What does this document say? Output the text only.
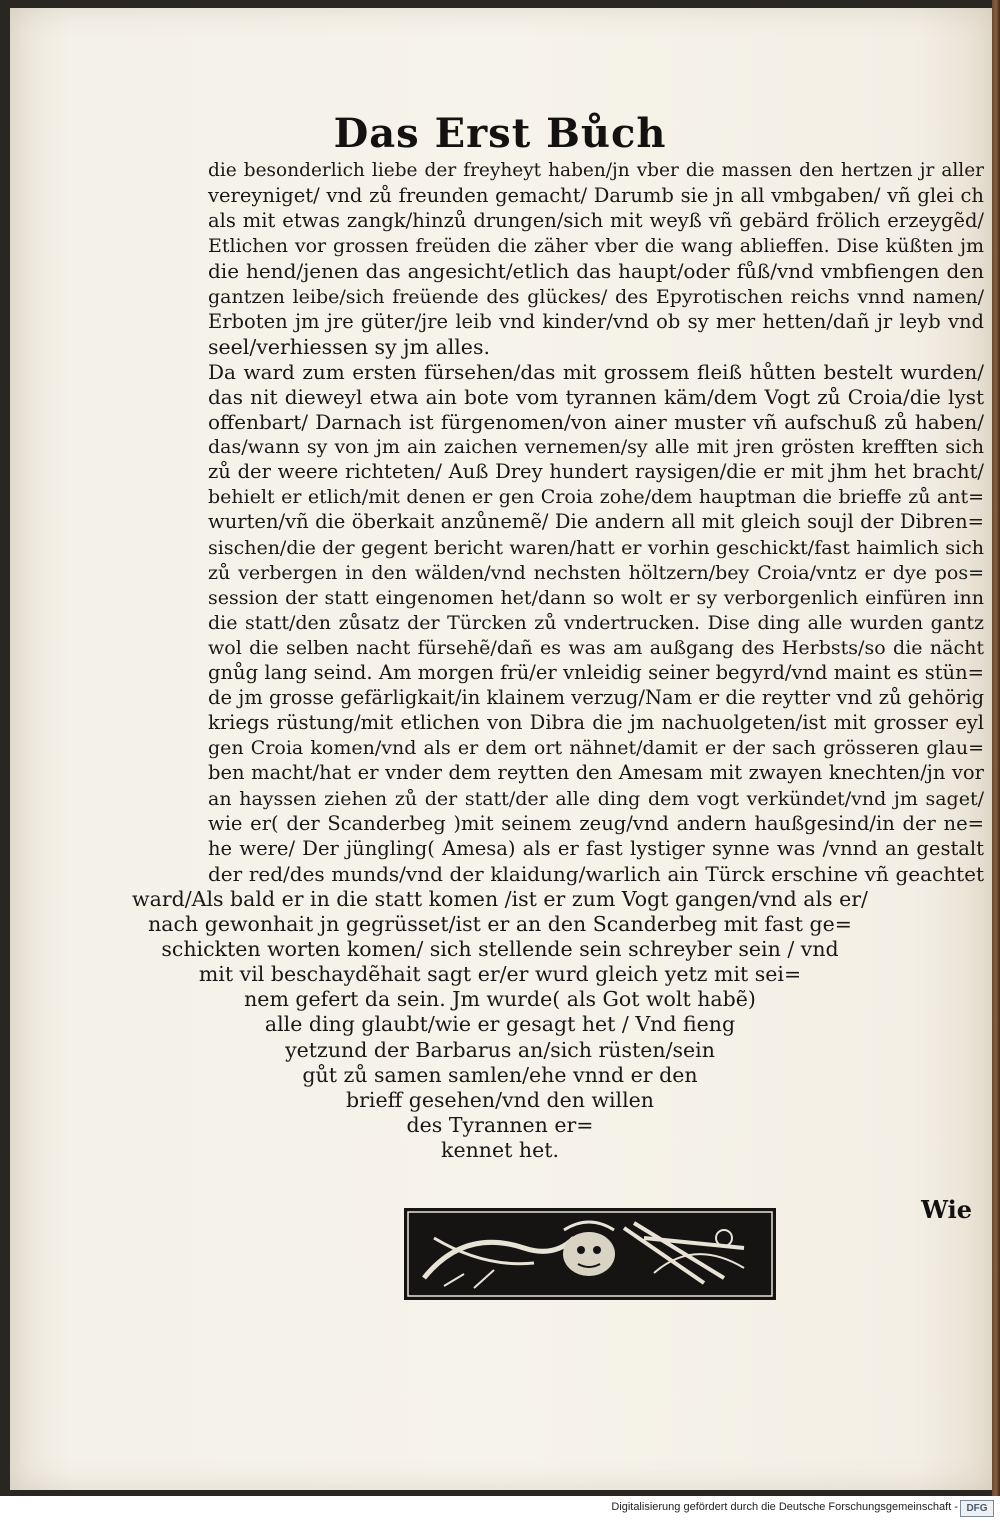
Das Erst Bůch
die besonderlich liebe der freyheyt haben/jn vber die massen den hertzen jr aller
vereyniget/ vnd zů freunden gemacht/ Darumb sie jn all vmbgaben/ vñ glei ch
als mit etwas zangk/hinzů drungen/sich mit weyß vñ gebärd frölich erzeygẽd/
Etlichen vor grossen freüden die zäher vber die wang ablieffen. Dise küßten jm
die hend/jenen das angesicht/etlich das haupt/oder fůß/vnd vmbfiengen den
gantzen leibe/sich freüende des glückes/ des Epyrotischen reichs vnnd namen/
Erboten jm jre güter/jre leib vnd kinder/vnd ob sy mer hetten/dañ jr leyb vnd
seel/verhiessen sy jm alles.
Da ward zum ersten fürsehen/das mit grossem fleiß hůtten bestelt wurden/
das nit dieweyl etwa ain bote vom tyrannen käm/dem Vogt zů Croia/die lyst
offenbart/ Darnach ist fürgenomen/von ainer muster vñ aufschuß zů haben/
das/wann sy von jm ain zaichen vernemen/sy alle mit jren grösten krefften sich
zů der weere richteten/ Auß Drey hundert raysigen/die er mit jhm het bracht/
behielt er etlich/mit denen er gen Croia zohe/dem hauptman die brieffe zů ant=
wurten/vñ die öberkait anzůnemẽ/ Die andern all mit gleich soujl der Dibren=
sischen/die der gegent bericht waren/hatt er vorhin geschickt/fast haimlich sich
zů verbergen in den wälden/vnd nechsten höltzern/bey Croia/vntz er dye pos=
session der statt eingenomen het/dann so wolt er sy verborgenlich einfüren inn
die statt/den zůsatz der Türcken zů vndertrucken. Dise ding alle wurden gantz
wol die selben nacht fürsehẽ/dañ es was am außgang des Herbsts/so die nächt
gnůg lang seind. Am morgen frü/er vnleidig seiner begyrd/vnd maint es stün=
de jm grosse gefärligkait/in klainem verzug/Nam er die reytter vnd zů gehörig
kriegs rüstung/mit etlichen von Dibra die jm nachuolgeten/ist mit grosser eyl
gen Croia komen/vnd als er dem ort nähnet/damit er der sach grösseren glau=
ben macht/hat er vnder dem reytten den Amesam mit zwayen knechten/jn vor
an hayssen ziehen zů der statt/der alle ding dem vogt verkündet/vnd jm saget/
wie er( der Scanderbeg )mit seinem zeug/vnd andern haußgesind/in der ne=
he were/ Der jüngling( Amesa) als er fast lystiger synne was /vnnd an gestalt
der red/des munds/vnd der klaidung/warlich ain Türck erschine vñ geachtet
ward/Als bald er in die statt komen /ist er zum Vogt gangen/vnd als er/
nach gewonhait jn gegrüsset/ist er an den Scanderbeg mit fast ge=
schickten worten komen/ sich stellende sein schreyber sein / vnd
mit vil beschaydẽhait sagt er/er wurd gleich yetz mit sei=
nem gefert da sein. Jm wurde( als Got wolt habẽ)
alle ding glaubt/wie er gesagt het / Vnd fieng
yetzund der Barbarus an/sich rüsten/sein
gůt zů samen samlen/ehe vnnd er den
brieff gesehen/vnd den willen
des Tyrannen er=
kennet het.
Wie
Digitalisierung gefördert durch die Deutsche Forschungsgemeinschaft - DFG
